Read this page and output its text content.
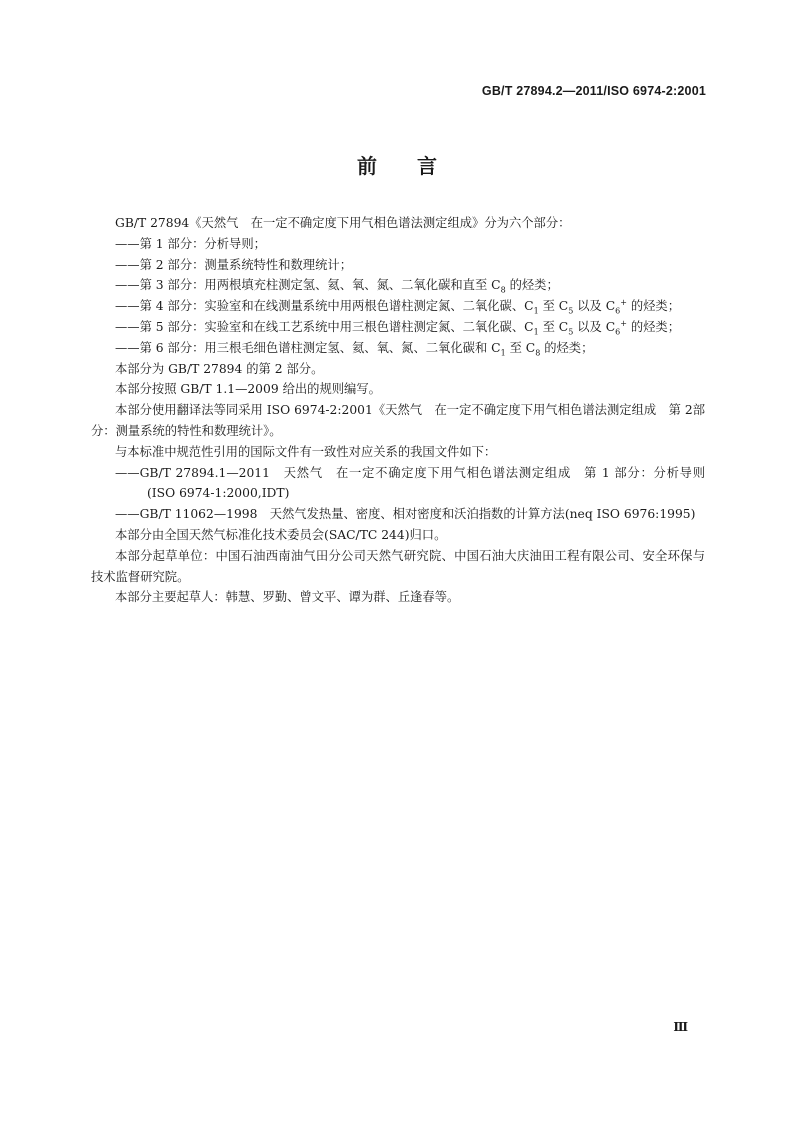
GB/T 27894.2—2011/ISO 6974-2:2001
前言

GB/T 27894《天然气　在一定不确定度下用气相色谱法测定组成》分为六个部分：

——第 1 部分：分析导则；

——第 2 部分：测量系统特性和数理统计；

——第 3 部分：用两根填充柱测定氢、氦、氧、氮、二氧化碳和直至 $C_8$ 的烃类；

——第 4 部分：实验室和在线测量系统中用两根色谱柱测定氮、二氧化碳、$C_1$ 至 $C_5$ 以及 $C_6^+$ 的烃类；

——第 5 部分：实验室和在线工艺系统中用三根色谱柱测定氮、二氧化碳、$C_1$ 至 $C_5$ 以及 $C_6^+$ 的烃类；

——第 6 部分：用三根毛细色谱柱测定氢、氦、氧、氮、二氧化碳和 $C_1$ 至 $C_8$ 的烃类；

本部分为 GB/T 27894 的第 2 部分。

本部分按照 GB/T 1.1—2009 给出的规则编写。

本部分使用翻译法等同采用 ISO 6974-2:2001《天然气　在一定不确定度下用气相色谱法测定组成　第 2部分：测量系统的特性和数理统计》。

与本标准中规范性引用的国际文件有一致性对应关系的我国文件如下：

——GB/T 27894.1—2011　天然气　在一定不确定度下用气相色谱法测定组成　第 1 部分：分析导则(ISO 6974-1:2000,IDT)

——GB/T 11062—1998　天然气发热量、密度、相对密度和沃泊指数的计算方法(neq ISO 6976:1995)

本部分由全国天然气标准化技术委员会(SAC/TC 244)归口。

本部分起草单位：中国石油西南油气田分公司天然气研究院、中国石油大庆油田工程有限公司、安全环保与技术监督研究院。

本部分主要起草人：韩慧、罗勤、曾文平、谭为群、丘逢春等。

Ⅲ
